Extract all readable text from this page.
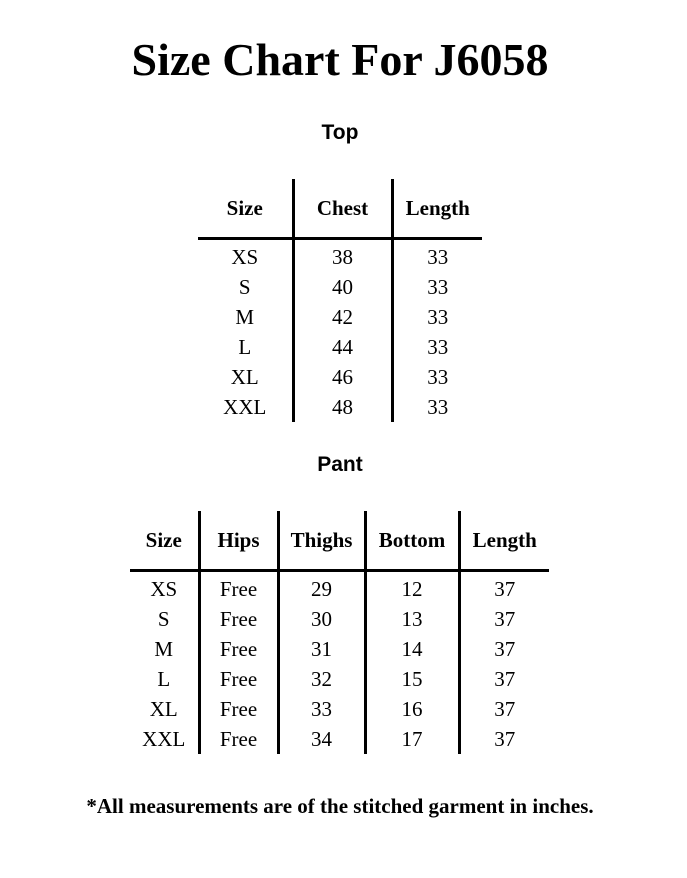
Size Chart For J6058
Top
Size	Chest	Length
XS	38	33
S	40	33
M	42	33
L	44	33
XL	46	33
XXL	48	33
Pant
Size	Hips	Thighs	Bottom	Length
XS	Free	29	12	37
S	Free	30	13	37
M	Free	31	14	37
L	Free	32	15	37
XL	Free	33	16	37
XXL	Free	34	17	37

*All measurements are of the stitched garment in inches.
